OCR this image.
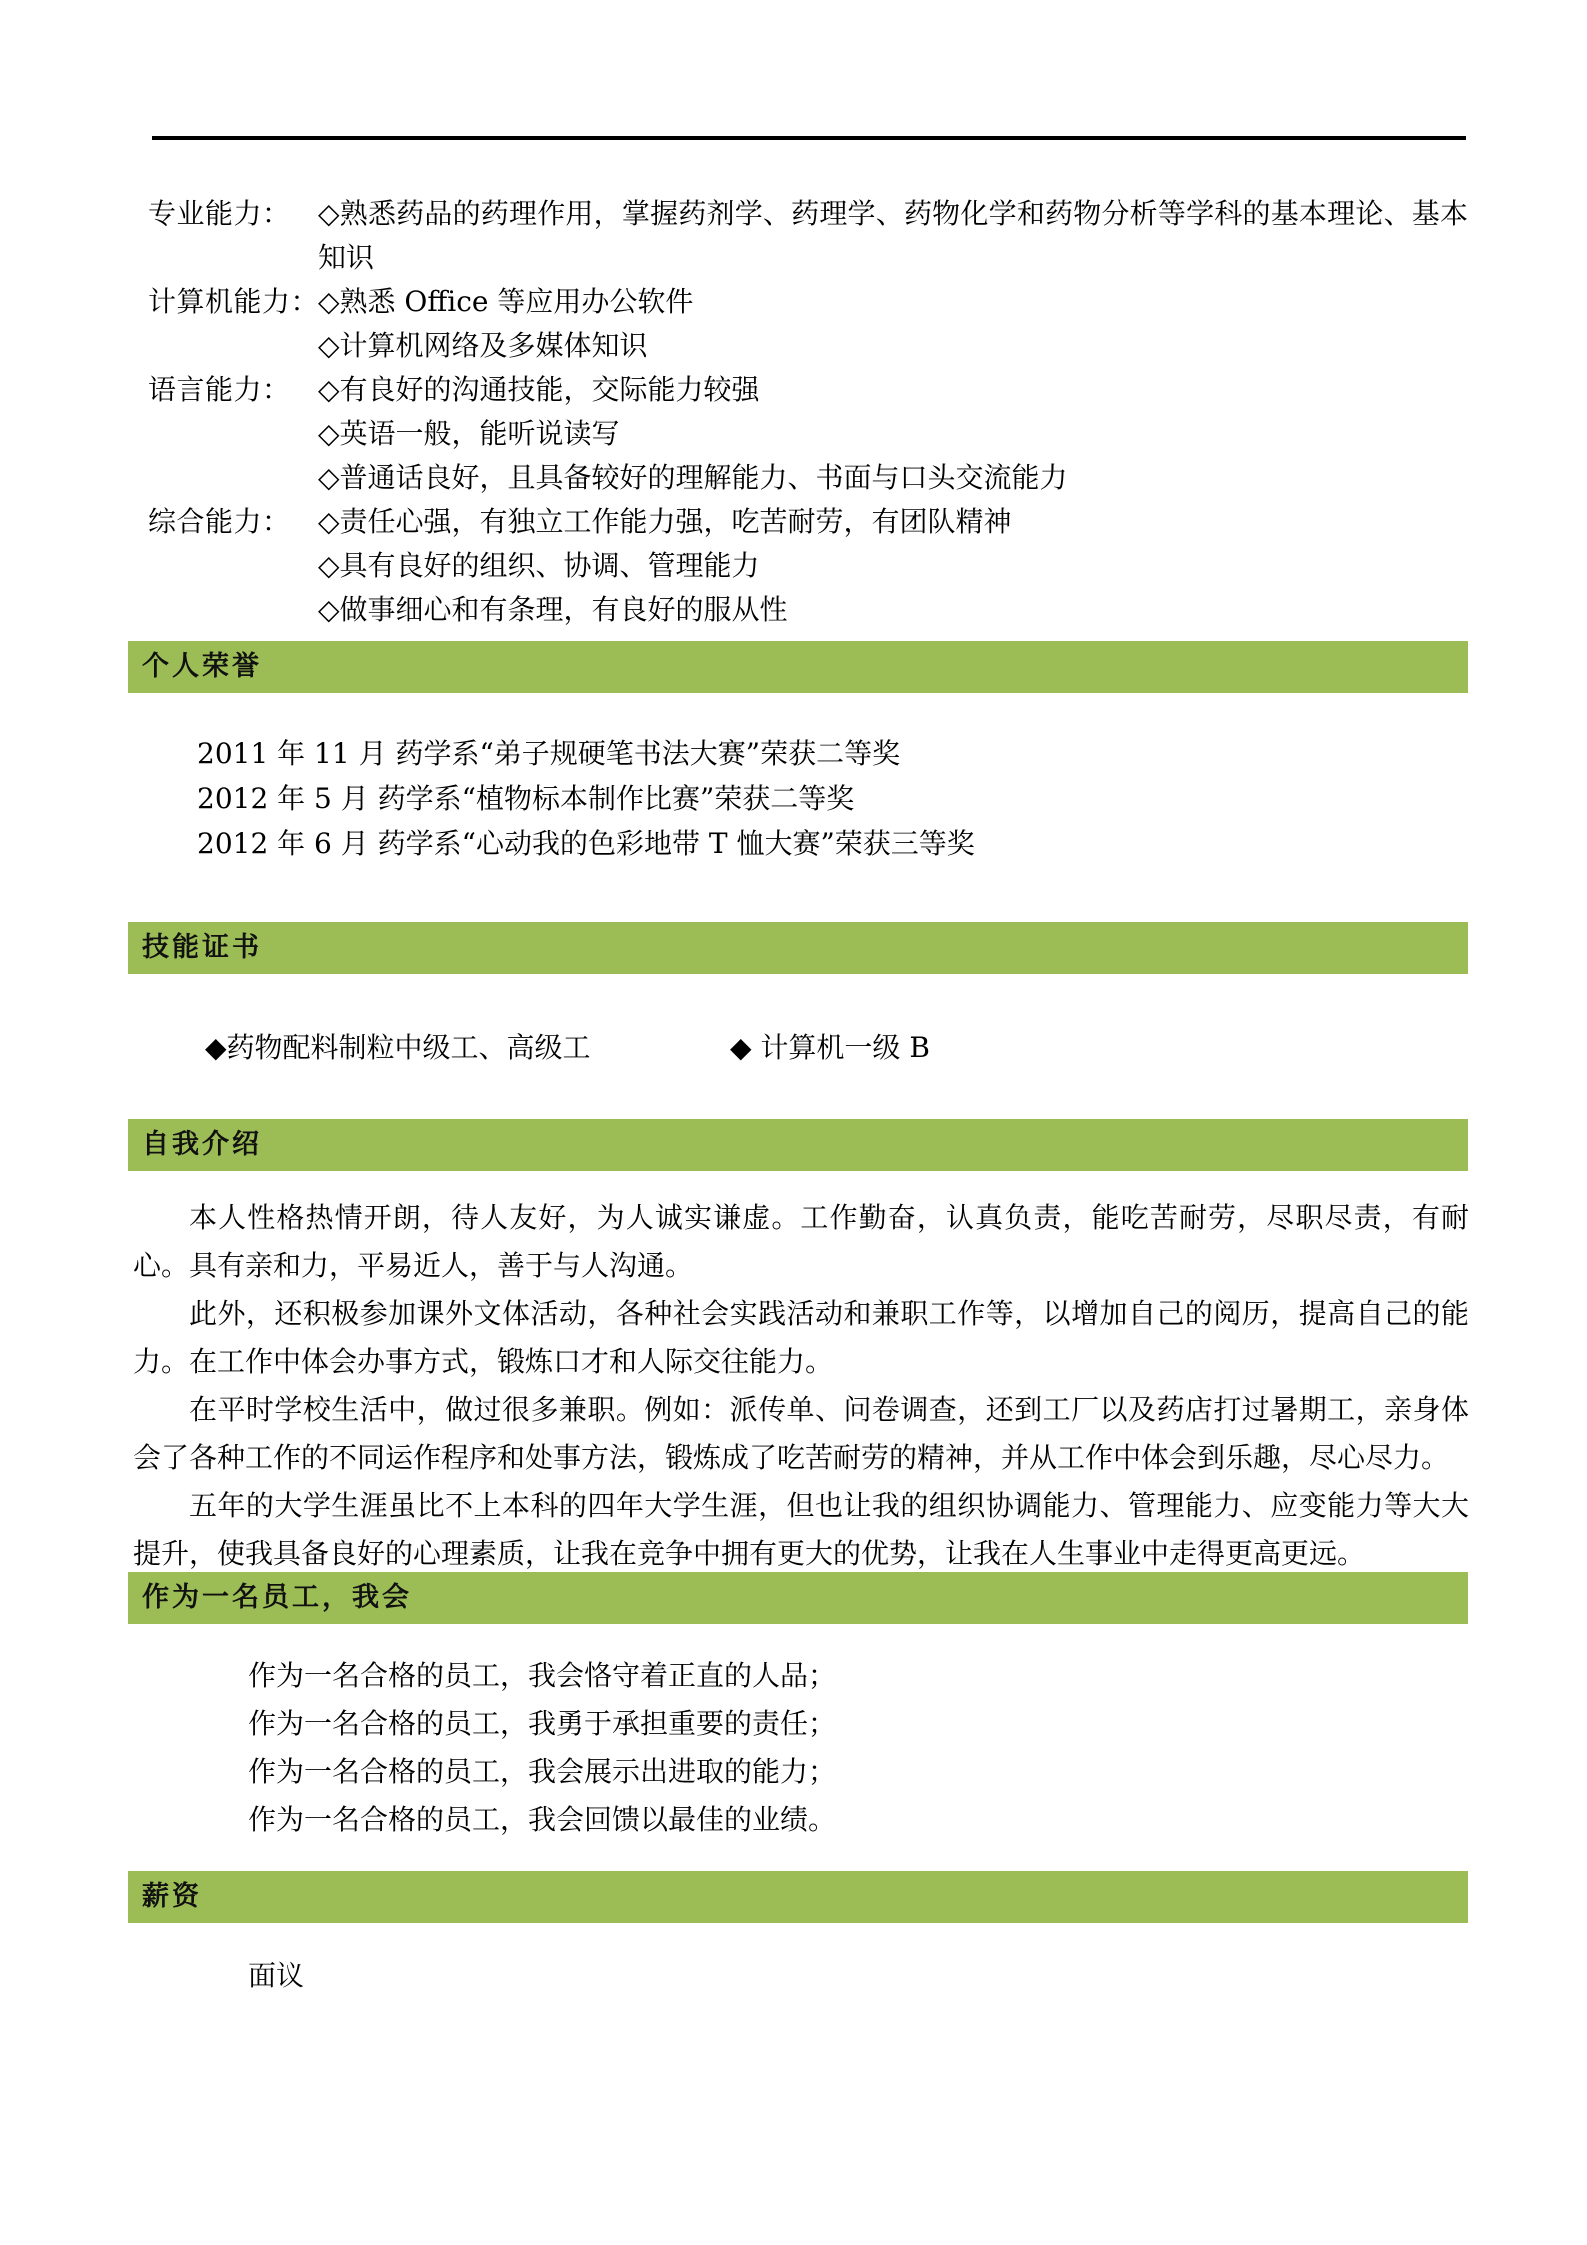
专业能力： ◇熟悉药品的药理作用，掌握药剂学、药理学、药物化学和药物分析等学科的基本理论、基本知识
计算机能力：
◇熟悉 Office 等应用办公软件
◇计算机网络及多媒体知识
语言能力： ◇有良好的沟通技能，交际能力较强
◇英语一般，能听说读写
◇普通话良好，且具备较好的理解能力、书面与口头交流能力
综合能力： ◇责任心强，有独立工作能力强，吃苦耐劳，有团队精神
◇具有良好的组织、协调、管理能力
◇做事细心和有条理，有良好的服从性
个人荣誉
2011 年 11 月 药学系“弟子规硬笔书法大赛”荣获二等奖
2012 年 5 月 药学系“植物标本制作比赛”荣获二等奖
2012 年 6 月 药学系“心动我的色彩地带 T 恤大赛”荣获三等奖
技能证书
◆药物配料制粒中级工、高级工	◆ 计算机一级 B
自我介绍

本人性格热情开朗，待人友好，为人诚实谦虚。工作勤奋，认真负责，能吃苦耐劳，尽职尽责，有耐心。具有亲和力，平易近人，善于与人沟通。

此外，还积极参加课外文体活动，各种社会实践活动和兼职工作等，以增加自己的阅历，提高自己的能力。在工作中体会办事方式，锻炼口才和人际交往能力。

在平时学校生活中，做过很多兼职。例如：派传单、问卷调查，还到工厂以及药店打过暑期工，亲身体会了各种工作的不同运作程序和处事方法，锻炼成了吃苦耐劳的精神，并从工作中体会到乐趣，尽心尽力。

五年的大学生涯虽比不上本科的四年大学生涯，但也让我的组织协调能力、管理能力、应变能力等大大提升，使我具备良好的心理素质，让我在竞争中拥有更大的优势，让我在人生事业中走得更高更远。

作为一名员工，我会
作为一名合格的员工，我会恪守着正直的人品；
作为一名合格的员工，我勇于承担重要的责任；
作为一名合格的员工，我会展示出进取的能力；
作为一名合格的员工，我会回馈以最佳的业绩。
薪资
面议
